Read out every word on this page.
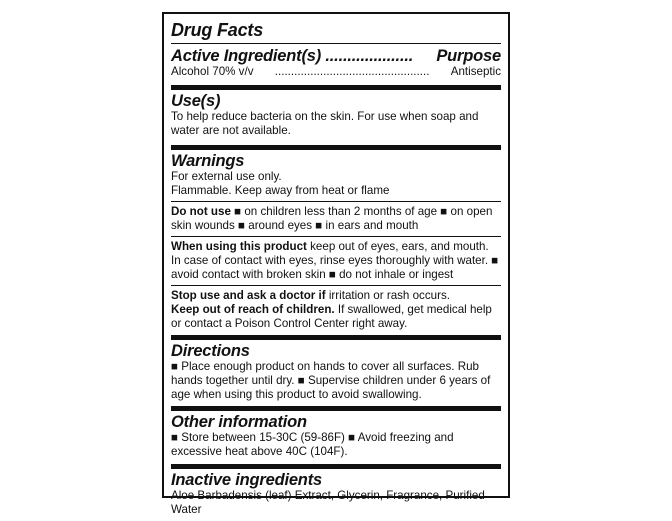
Drug Facts
Active Ingredient(s) .................... Purpose
Alcohol 70% v/v	................................................	Antiseptic
Use(s)
To help reduce bacteria on the skin. For use when soap and water are not available.
Warnings
For external use only.
Flammable. Keep away from heat or flame
Do not use ■ on children less than 2 months of age ■ on open skin wounds ■ around eyes ■ in ears and mouth
When using this product keep out of eyes, ears, and mouth. In case of contact with eyes, rinse eyes thoroughly with water. ■ avoid contact with broken skin ■ do not inhale or ingest
Stop use and ask a doctor if irritation or rash occurs.
Keep out of reach of children. If swallowed, get medical help or contact a Poison Control Center right away.
Directions
■ Place enough product on hands to cover all surfaces. Rub hands together until dry. ■ Supervise children under 6 years of age when using this product to avoid swallowing.
Other information
■ Store between 15-30C (59-86F) ■ Avoid freezing and excessive heat above 40C (104F).
Inactive ingredients
Aloe Barbadensis (leaf) Extract, Glycerin, Fragrance, Purified Water
